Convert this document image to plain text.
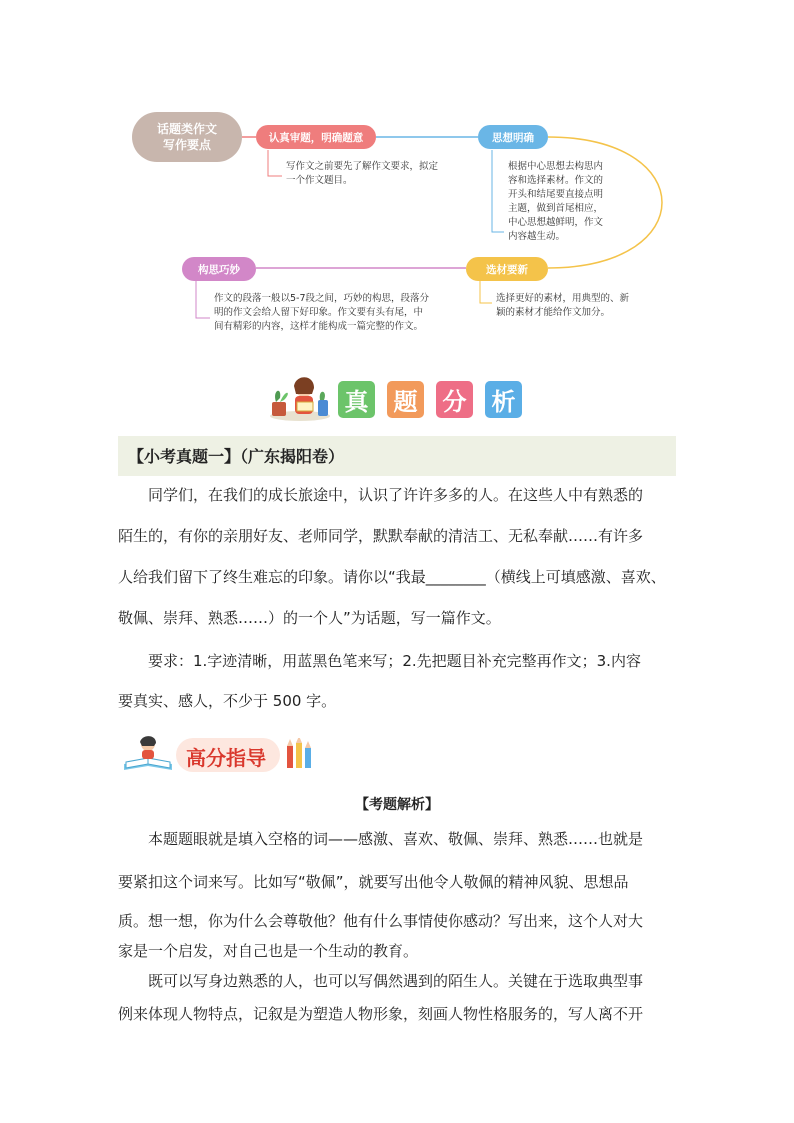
话题类作文
写作要点
认真审题，明确题意
写作文之前要先了解作文要求，拟定
一个作文题目。
思想明确
根据中心思想去构思内
容和选择素材。作文的
开头和结尾要直接点明
主题，做到首尾相应，
中心思想越鲜明，作文
内容越生动。
选材要新
选择更好的素材，用典型的、新
颖的素材才能给作文加分。
构思巧妙
作文的段落一般以5-7段之间，巧妙的构思，段落分
明的作文会给人留下好印象。作文要有头有尾，中
间有精彩的内容，这样才能构成一篇完整的作文。
真 题 分 析
【小考真题一】（广东揭阳卷）
同学们，在我们的成长旅途中，认识了许许多多的人。在这些人中有熟悉的
陌生的，有你的亲朋好友、老师同学，默默奉献的清洁工、无私奉献……有许多
人给我们留下了终生难忘的印象。请你以“我最________（横线上可填感激、喜欢、
敬佩、崇拜、熟悉……）的一个人”为话题，写一篇作文。
要求：1.字迹清晰，用蓝黑色笔来写；2.先把题目补充完整再作文；3.内容
要真实、感人，不少于 500 字。
高分指导
【考题解析】
本题题眼就是填入空格的词——感激、喜欢、敬佩、崇拜、熟悉……也就是
要紧扣这个词来写。比如写“敬佩”，就要写出他令人敬佩的精神风貌、思想品
质。想一想，你为什么会尊敬他？他有什么事情使你感动？写出来，这个人对大
家是一个启发，对自己也是一个生动的教育。
既可以写身边熟悉的人，也可以写偶然遇到的陌生人。关键在于选取典型事
例来体现人物特点，记叙是为塑造人物形象，刻画人物性格服务的，写人离不开
